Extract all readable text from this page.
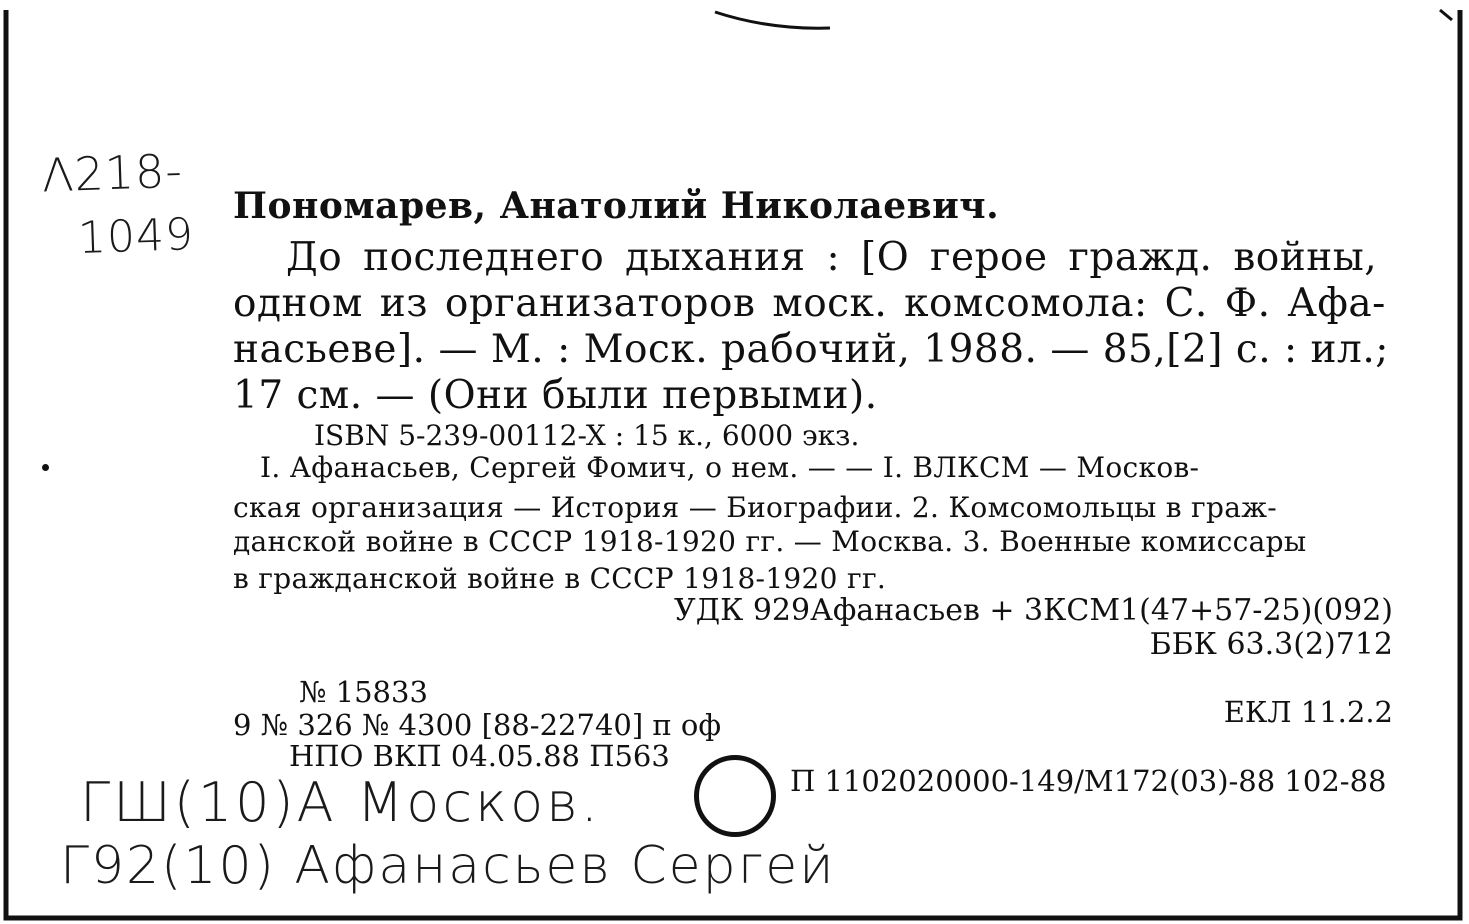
Λ218-
1049
Пономарев, Анатолий Николаевич.
До последнего дыхания : [О герое гражд. войны,
одном из организаторов моск. комсомола: С. Ф. Афа-
насьеве]. — М. : Моск. рабочий, 1988. — 85,[2] с. : ил.;
17 см. — (Они были первыми).
ISBN 5-239-00112-X : 15 к., 6000 экз.
I. Афанасьев, Сергей Фомич, о нем. — — I. ВЛКСМ — Москов-
ская организация — История — Биографии. 2. Комсомольцы в граж-
данской войне в СССР 1918-1920 гг. — Москва. 3. Военные комиссары
в гражданской войне в СССР 1918-1920 гг.
УДК 929Афанасьев + 3КСМ1(47+57-25)(092)
ББК 63.3(2)712
№ 15833
9 № 326 № 4300 [88-22740] п оф
НПО ВКП 04.05.88 П563
ЕКЛ 11.2.2
П 1102020000-149/М172(03)-88 102-88
ГШ(10)А Москов.
Г92(10) Афанасьев Сергей
